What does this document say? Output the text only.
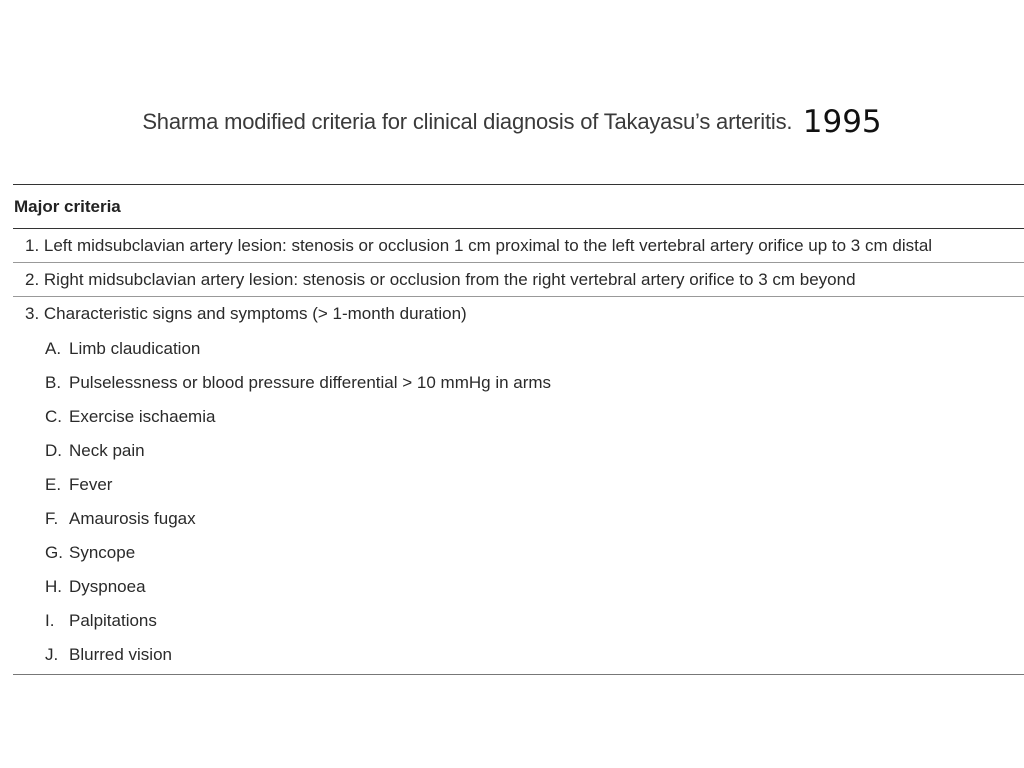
Sharma modified criteria for clinical diagnosis of Takayasu’s arteritis. 1995
Major criteria
1. Left midsubclavian artery lesion: stenosis or occlusion 1 cm proximal to the left vertebral artery orifice up to 3 cm distal
2. Right midsubclavian artery lesion: stenosis or occlusion from the right vertebral artery orifice to 3 cm beyond
3. Characteristic signs and symptoms (> 1-month duration)
A. Limb claudication
B. Pulselessness or blood pressure differential > 10 mmHg in arms
C. Exercise ischaemia
D. Neck pain
E. Fever
F. Amaurosis fugax
G. Syncope
H. Dyspnoea
I. Palpitations
J. Blurred vision
